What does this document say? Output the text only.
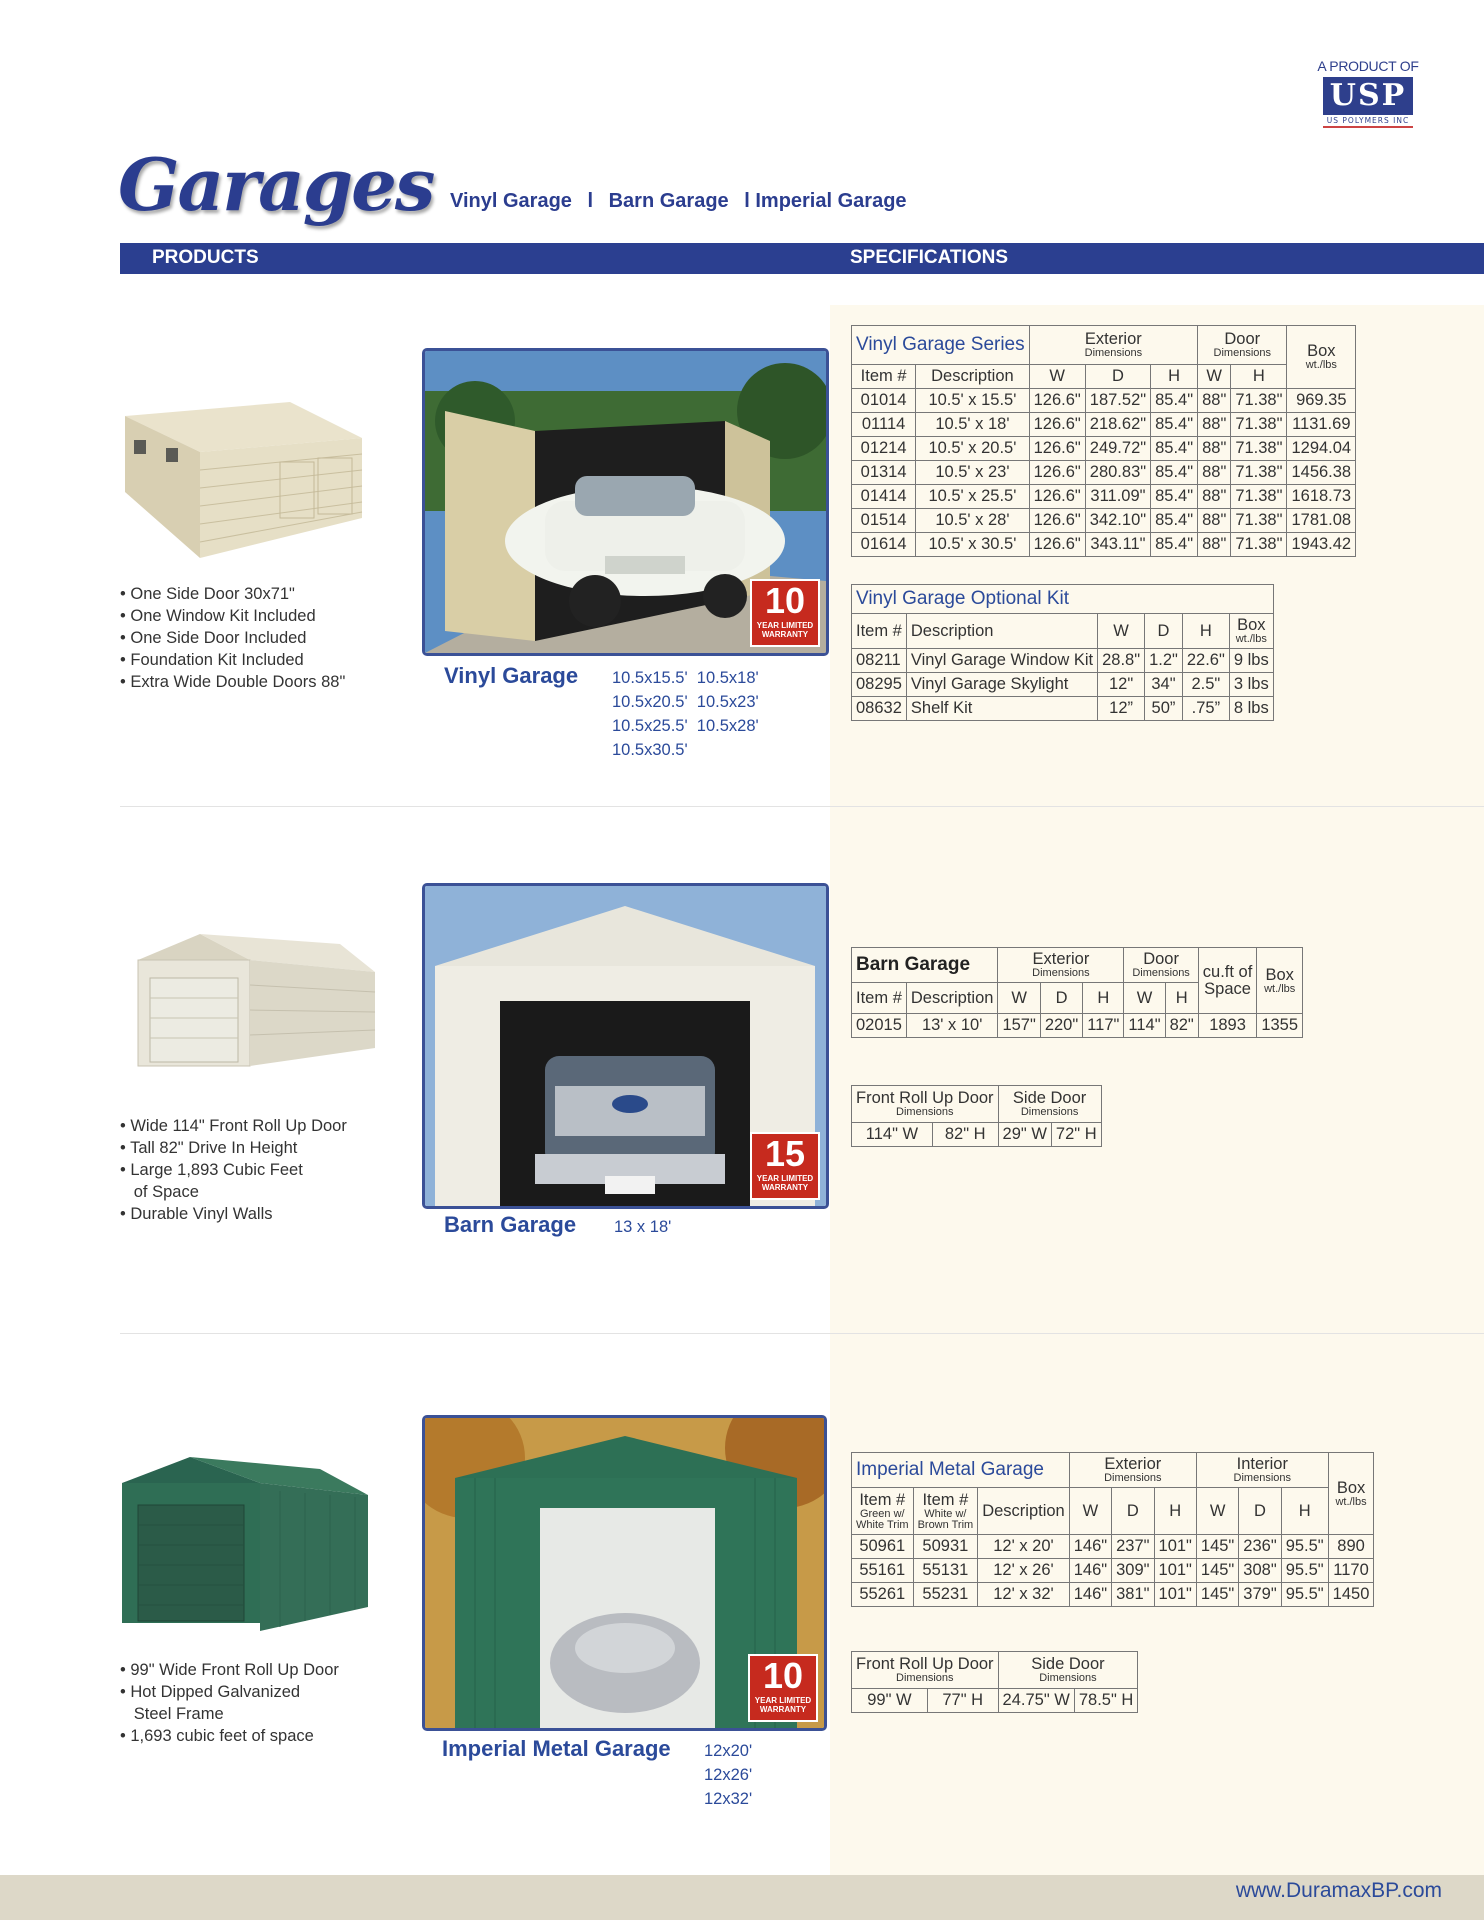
A PRODUCT OF
USP
US POLYMERS INC
Garages Vinyl Garage l Barn Garage l Imperial Garage
PRODUCTS	SPECIFICATIONS
10
YEAR LIMITED
WARRANTY
• One Side Door 30x71"
• One Window Kit Included
• One Side Door Included
• Foundation Kit Included
• Extra Wide Double Doors 88"	Vinyl Garage 10.5x15.5'  10.5x18'
10.5x20.5'  10.5x23'
10.5x25.5'  10.5x28'
10.5x30.5'
Vinyl Garage Series		Exterior
Dimensions			Door
Dimensions		Box
wt./lbs

Item #	Description	W	D	H	W	H	
01014	10.5' x 15.5'	126.6"	187.52"	85.4"	88"	71.38"	969.35
01114	10.5' x 18'	126.6"	218.62"	85.4"	88"	71.38"	1131.69
01214	10.5' x 20.5'	126.6"	249.72"	85.4"	88"	71.38"	1294.04
01314	10.5' x 23'	126.6"	280.83"	85.4"	88"	71.38"	1456.38
01414	10.5' x 25.5'	126.6"	311.09"	85.4"	88"	71.38"	1618.73
01514	10.5' x 28'	126.6"	342.10"	85.4"	88"	71.38"	1781.08
01614	10.5' x 30.5'	126.6"	343.11"	85.4"	88"	71.38"	1943.42
Vinyl Garage Optional Kit					
Item #	Description	W	D	H	Box
wt./lbs

08211	Vinyl Garage Window Kit	28.8"	1.2"	22.6"	9 lbs
08295	Vinyl Garage Skylight	12"	34"	2.5"	3 lbs
08632	Shelf Kit	12”	50”	.75”	8 lbs
15
YEAR LIMITED
WARRANTY
• Wide 114" Front Roll Up Door
• Tall 82" Drive In Height
• Large 1,893 Cubic Feet
of Space
• Durable Vinyl Walls	Barn Garage 13 x 18'
Barn Garage		Exterior
Dimensions			Door
Dimensions		cu.ft of
Space	Box
wt./lbs

Item #	Description	W	D	H	W	H		
02015	13' x 10'	157"	220"	117"	114"	82"	1893	1355
Front Roll Up Door
Dimensions		Side Door
Dimensions	

114" W	82" H	29" W	72" H
10
YEAR LIMITED
WARRANTY
• 99" Wide Front Roll Up Door
• Hot Dipped Galvanized
Steel Frame
• 1,693 cubic feet of space	Imperial Metal Garage 12x20'
12x26'
12x32'
Imperial Metal Garage			Exterior
Dimensions			Interior
Dimensions			Box
wt./lbs

Item #
Green w/
White Trim	Item #
White w/
Brown Trim	Description	W	D	H	W	D	H	
50961	50931	12' x 20'	146"	237"	101"	145"	236"	95.5"	890
55161	55131	12' x 26'	146"	309"	101"	145"	308"	95.5"	1170
55261	55231	12' x 32'	146"	381"	101"	145"	379"	95.5"	1450
Front Roll Up Door
Dimensions		Side Door
Dimensions	

99" W	77" H	24.75" W	78.5" H
www.DuramaxBP.com
